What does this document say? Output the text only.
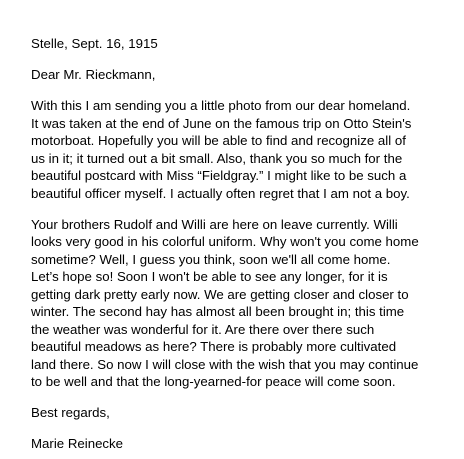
Stelle, Sept. 16, 1915

Dear Mr. Rieckmann,

With this I am sending you a little photo from our dear homeland.

It was taken at the end of June on the famous trip on Otto Stein's

motorboat. Hopefully you will be able to find and recognize all of

us in it; it turned out a bit small. Also, thank you so much for the

beautiful postcard with Miss “Fieldgray.” I might like to be such a

beautiful officer myself. I actually often regret that I am not a boy.

Your brothers Rudolf and Willi are here on leave currently. Willi

looks very good in his colorful uniform. Why won't you come home

sometime? Well, I guess you think, soon we'll all come home.

Let’s hope so! Soon I won't be able to see any longer, for it is

getting dark pretty early now. We are getting closer and closer to

winter. The second hay has almost all been brought in; this time

the weather was wonderful for it. Are there over there such

beautiful meadows as here? There is probably more cultivated

land there. So now I will close with the wish that you may continue

to be well and that the long-yearned-for peace will come soon.

Best regards,

Marie Reinecke
